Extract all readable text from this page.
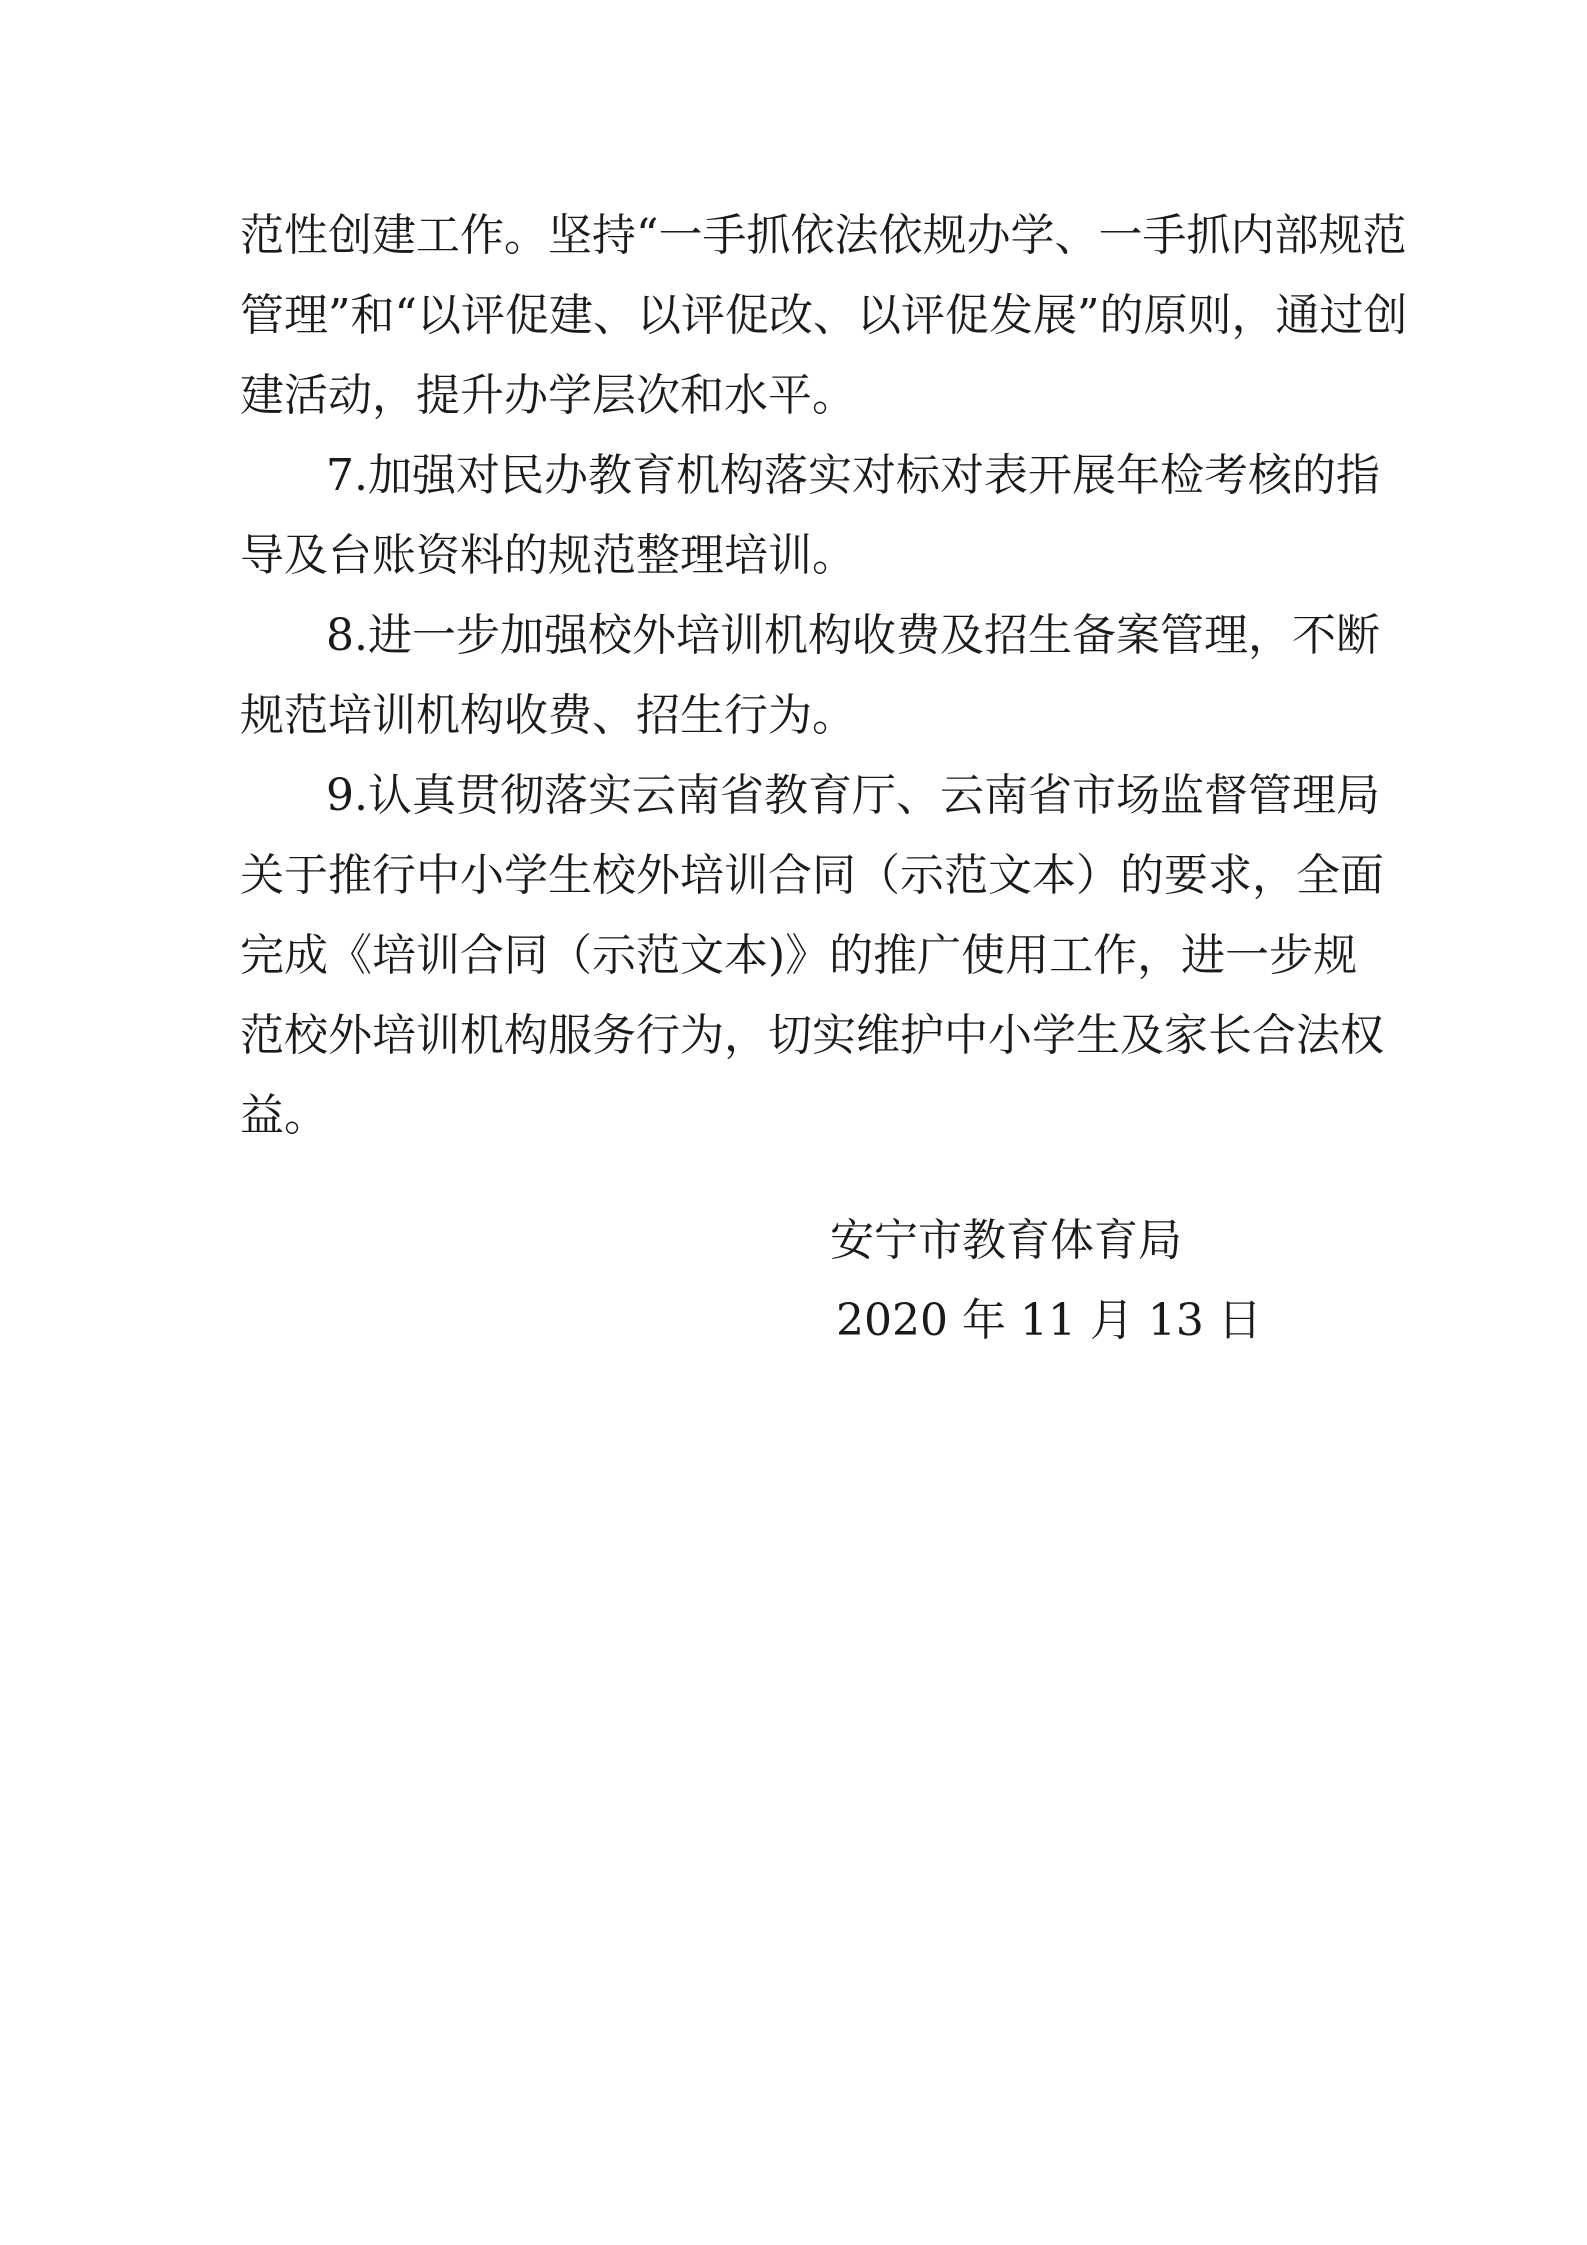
范性创建工作。坚持“一手抓依法依规办学、一手抓内部规范

管理”和“以评促建、以评促改、以评促发展”的原则，通过创

建活动，提升办学层次和水平。

7.加强对民办教育机构落实对标对表开展年检考核的指

导及台账资料的规范整理培训。

8.进一步加强校外培训机构收费及招生备案管理，不断

规范培训机构收费、招生行为。

9.认真贯彻落实云南省教育厅、云南省市场监督管理局

关于推行中小学生校外培训合同（示范文本）的要求，全面

完成《培训合同（示范文本)》的推广使用工作，进一步规

范校外培训机构服务行为，切实维护中小学生及家长合法权

益。

安宁市教育体育局

2020 年 11 月 13 日
